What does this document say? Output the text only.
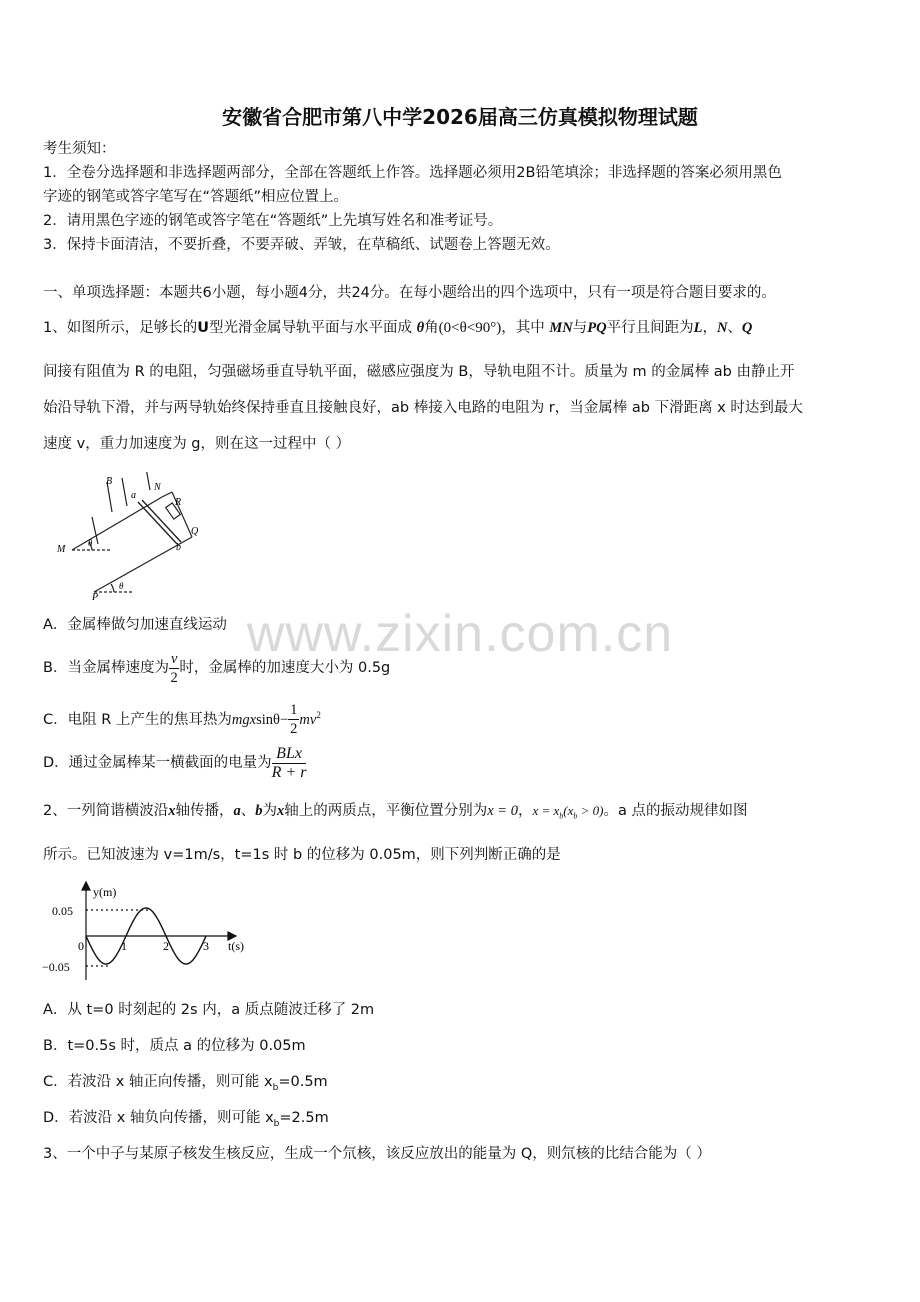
安徽省合肥市第八中学2026届高三仿真模拟物理试题
考生须知：
1．全卷分选择题和非选择题两部分，全部在答题纸上作答。选择题必须用2B铅笔填涂；非选择题的答案必须用黑色
字迹的钢笔或答字笔写在“答题纸”相应位置上。
2．请用黑色字迹的钢笔或答字笔在“答题纸”上先填写姓名和准考证号。
3．保持卡面清洁，不要折叠，不要弄破、弄皱，在草稿纸、试题卷上答题无效。
一、单项选择题：本题共6小题，每小题4分，共24分。在每小题给出的四个选项中，只有一项是符合题目要求的。
1、如图所示，足够长的U型光滑金属导轨平面与水平面成 θ角(0<θ<90°)，其中 MN与PQ平行且间距为L，N、Q
间接有阻值为 R 的电阻，匀强磁场垂直导轨平面，磁感应强度为 B，导轨电阻不计。质量为 m 的金属棒 ab 由静止开
始沿导轨下滑，并与两导轨始终保持垂直且接触良好，ab 棒接入电路的电阻为 r，当金属棒 ab 下滑距离 x 时达到最大
速度 v，重力加速度为 g，则在这一过程中（ ）
B
a
N
R
Q
M
θ	b
P
θ
A．金属棒做匀加速直线运动
B．当金属棒速度为 $\frac{v}{2}$ 时，金属棒的加速度大小为 0.5g
C．电阻 R 上产生的焦耳热为$mgxsin\theta- \frac{1}{2} mv^2$
D．通过金属棒某一横截面的电量为 $\frac{\text{BLx}}{R + r}$
2、一列简谐横波沿x轴传播，a、b为x轴上的两质点，平衡位置分别为x = 0，$x = x_b(x_b > 0)$。a 点的振动规律如图
所示。已知波速为 v=1m/s，t=1s 时 b 的位移为 0.05m，则下列判断正确的是
y(m)
t(s)
0.05
−0.05
0	1	2	3
A．从 t=0 时刻起的 2s 内，a 质点随波迁移了 2m
B．t=0.5s 时，质点 a 的位移为 0.05m
C．若波沿 x 轴正向传播，则可能 $x_b=0.5m$
D．若波沿 x 轴负向传播，则可能 $x_b=2.5m$
3、一个中子与某原子核发生核反应，生成一个氘核，该反应放出的能量为 Q，则氘核的比结合能为（ ）
www.zixin.com.cn
